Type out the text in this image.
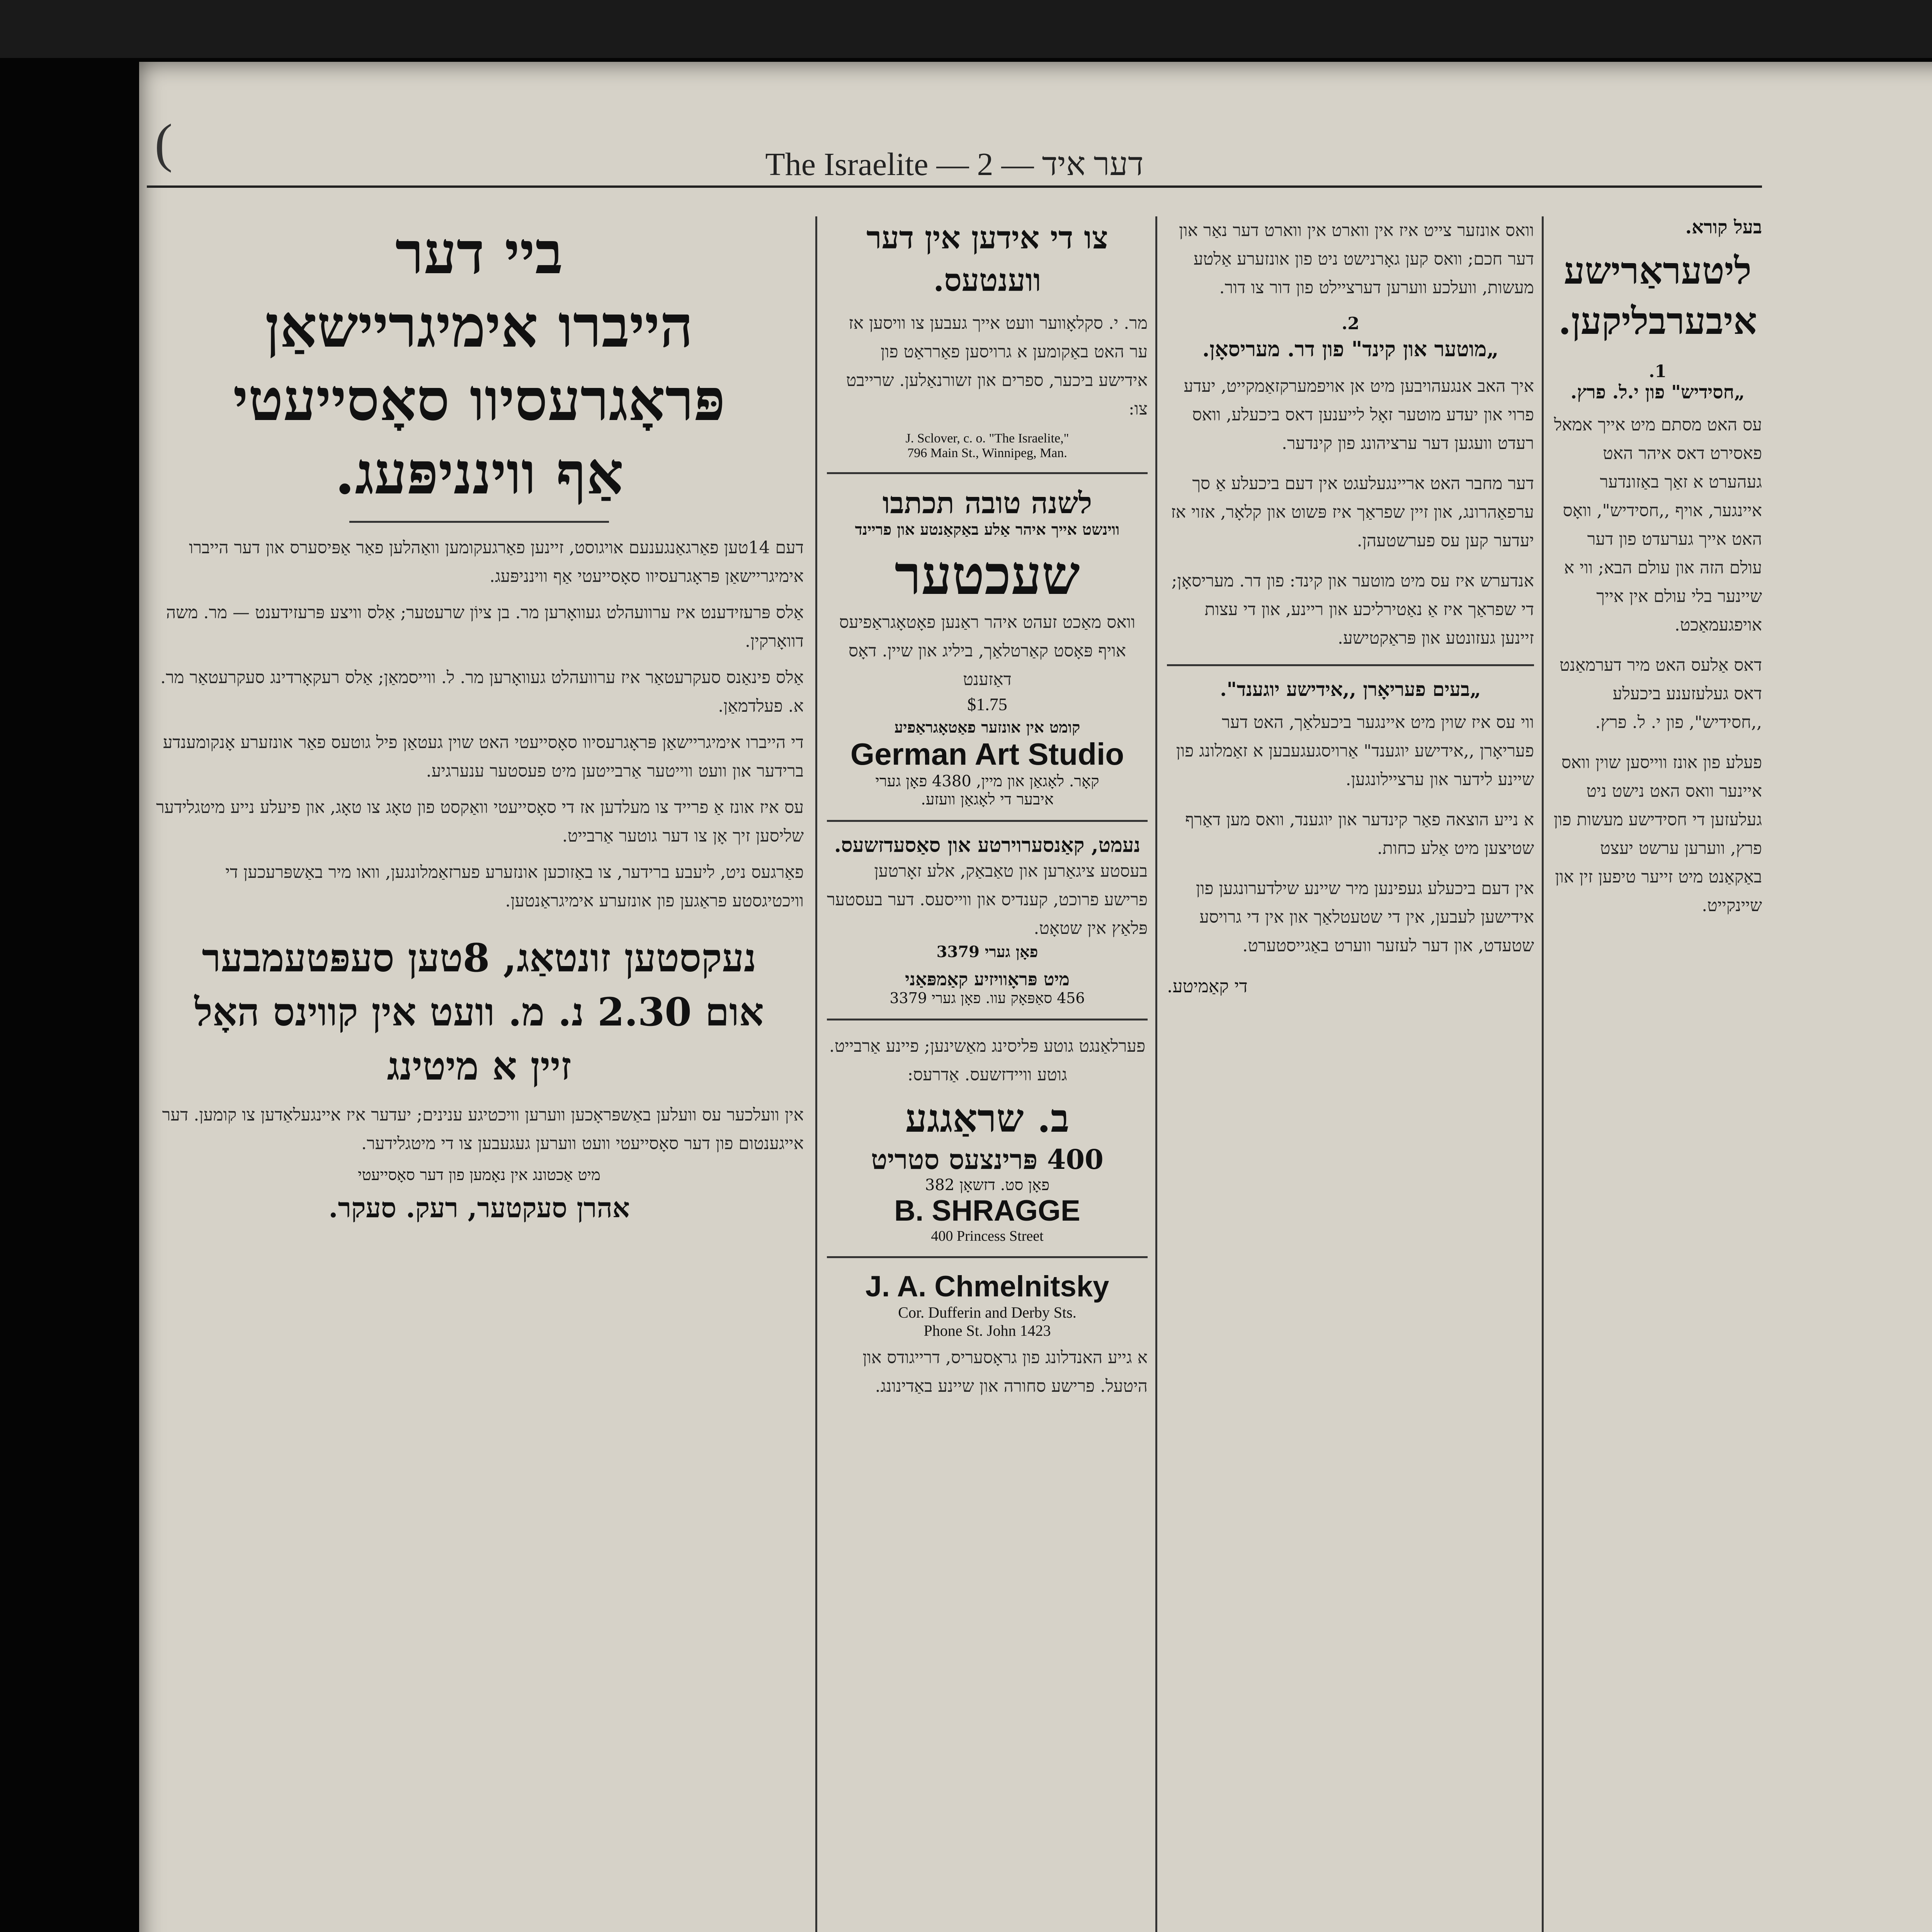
(	The Israelite — 2 — דער איד
בעל קורא.
ליטעראַרישע איבערבליקען.
1.
„חסידיש" פון י.ל. פרץ.
עס האט מסתם מיט אייך אמאל פאסירט דאס איהר האט געהערט א זאַך באַזונדער איינגער, אויף ,,חסידיש", וואָס האט אייך גערעדט פון דער עולם הזה און עולם הבא; ווי א שיינער בלי עולם אין אייך אויפגעמאַכט.
דאס אַלעס האט מיר דערמאַנט דאס געלעזענע ביכעלע ,,חסידיש", פון י. ל. פרץ.
פעלע פון אונז ווייסען שוין וואס איינער וואס האט נישט ניט געלעזען די חסידישע מעשות פון פרץ, ווערען ערשט יעצט באַקאַנט מיט זייער טיפען זין און שיינקייט.
וואס אונזער צייט איז אין ווארט אין ווארט דער נאַר און דער חכם; וואס קען גאָרנישט ניט פון אונזערע אַלטע מעשות, וועלכע ווערען דערציילט פון דור צו דור.
2.
„מוטער און קינד" פון דר. מעריסאָן.
איך האב אנגעהויבען מיט אן אויפמערקזאַמקייט, יעדע פרוי און יעדע מוטער זאָל לייענען דאס ביכעלע, וואס רעדט וועגען דער ערציהונג פון קינדער.
דער מחבר האט אריינגעלעגט אין דעם ביכעלע אַ סך ערפאַהרונג, און זיין שפראַך איז פּשוט און קלאָר, אזוי אז יעדער קען עס פערשטעהן.
אנדערש איז עס מיט מוטער און קינד: פון דר. מעריסאָן; די שפראַך איז אַ נאַטירליכע און ריינע, און די עצות זיינען געזונטע און פּראַקטישע.
„בעים פעריאָרן ,,אידישע יוגענד".
ווי עס איז שוין מיט איינגער ביכעלאַך, האט דער פעריאָרן ,,אידישע יוגענד" אַרויסגעגעבען א זאַמלונג פון שיינע לידער און ערציילונגען.
א נייע הוצאה פאַר קינדער און יוגענד, וואס מען דאַרף שטיצען מיט אַלע כחות.
אין דעם ביכעלע געפינען מיר שיינע שילדערונגען פון אידישען לעבען, אין די שטעטלאַך און אין די גרויסע שטעדט, און דער לעזער ווערט באַגייסטערט.
די קאַמיטע.
צו די אידען אין דער ווענטעס.
מר. י. סקלאָווער וועט אייך געבען צו וויסען אז ער האט באַקומען א גרויסען פאַרראַט פון אידישע ביכער, ספרים און זשורנאַלען. שרייבט צו:
J. Sclover, c. o. "The Israelite,"
796 Main St., Winnipeg, Man.
לשנה טובה תכתבו
ווינשט אייך איהר אַלע באַקאַנטע און פריינד
שעכטער
וואס מאַכט זעהט איהר ראַנען פאָטאָגראַפיעס אויף פּאָסט קאַרטלאַך, ביליג און שיין. דאָס דאַזענט
$1.75
קומט אין אונזער פאַטאָגראַפיע
German Art Studio
קאָר. לאָגאַן און מיין, 4380 פאָן גערי
איבער די לאָגאַן וועזע.
נעמט, קאַנסערוירטע און סאַסעדזשעס.
בעסטע ציגאַרען און טאַבאַק, אלע זאָרטען פרישע פרוכט, קענדיס און ווייסעס. דער בעסטער פּלאַץ אין שטאָט.
פאָן גערי 3379
מיט פּראָוויזיע קאַמפּאַני
456 סאַפּאָק עוו. פאָן גערי 3379
פערלאַנגט גוטע פּליסינג מאַשינען; פיינע אַרבייט. גוטע וויידזשעס. אַדרעס:
ב. שראַגגע
400 פּרינצעס סטריט
פאָן סט. דזשאָן 382
B. SHRAGGE
400 Princess Street
J. A. Chmelnitsky
Cor. Dufferin and Derby Sts.
Phone St. John 1423
א גייע האנדלונג פון גראָסעריס, דרייגודס און היטעל. פרישע סחורה און שיינע באַדינונג.
ביי דער
הייברו אימיגריישאַן
פּראָגרעסיוו סאָסייעטי
אַף ווינניפּעג.
דעם 14טען פאַרגאַנגענעם אויגוסט, זיינען פאַרגעקומען וואַהלען פאַר אַפּיסערס און דער הייברו אימיגריישאַן פּראָגרעסיוו סאָסייעטי אַף ווינניפּעג.
אַלס פּרעזידענט איז ערוועהלט געוואָרען מר. בן ציוֹן שרעטער; אַלס וויצע פּרעזידענט — מר. משה דוואָרקין.
אַלס פינאַנס סעקרעטאַר איז ערוועהלט געוואָרען מר. ל. ווייסמאַן; אַלס רעקאָרדינג סעקרעטאַר מר. א. פעלדמאַן.
די הייברו אימיגריישאַן פּראָגרעסיוו סאָסייעטי האט שוין געטאַן פיל גוטעס פאַר אונזערע אָנקומענדע ברידער און וועט ווייטער אַרבייטען מיט פעסטער ענערגיע.
עס איז אונז אַ פרייד צו מעלדען אז די סאָסייעטי וואַקסט פון טאָג צו טאָג, און פיעלע נייע מיטגלידער שליסען זיך אָן צו דער גוטער אַרבייט.
פאַרגעס ניט, ליעבע ברידער, צו באַזוכען אונזערע פערזאַמלונגען, וואו מיר באַשפּרעכען די וויכטיגסטע פראַגען פון אונזערע אימיגראַנטען.
נעקסטען זונטאַג, 8טען סעפּטעמבער
אום 2.30 נ. מ. וועט אין קווינס האָל
זיין א מיטינג
אין וועלכער עס וועלען באַשפּראָכען ווערען וויכטיגע ענינים; יעדער איז איינגעלאַדען צו קומען. דער אייגענטום פון דער סאָסייעטי וועט ווערען געגעבען צו די מיטגלידער.
מיט אַכטונג אין נאָמען פון דער סאָסייעטי
אהרן סעקטער, רעק. סעקר.
